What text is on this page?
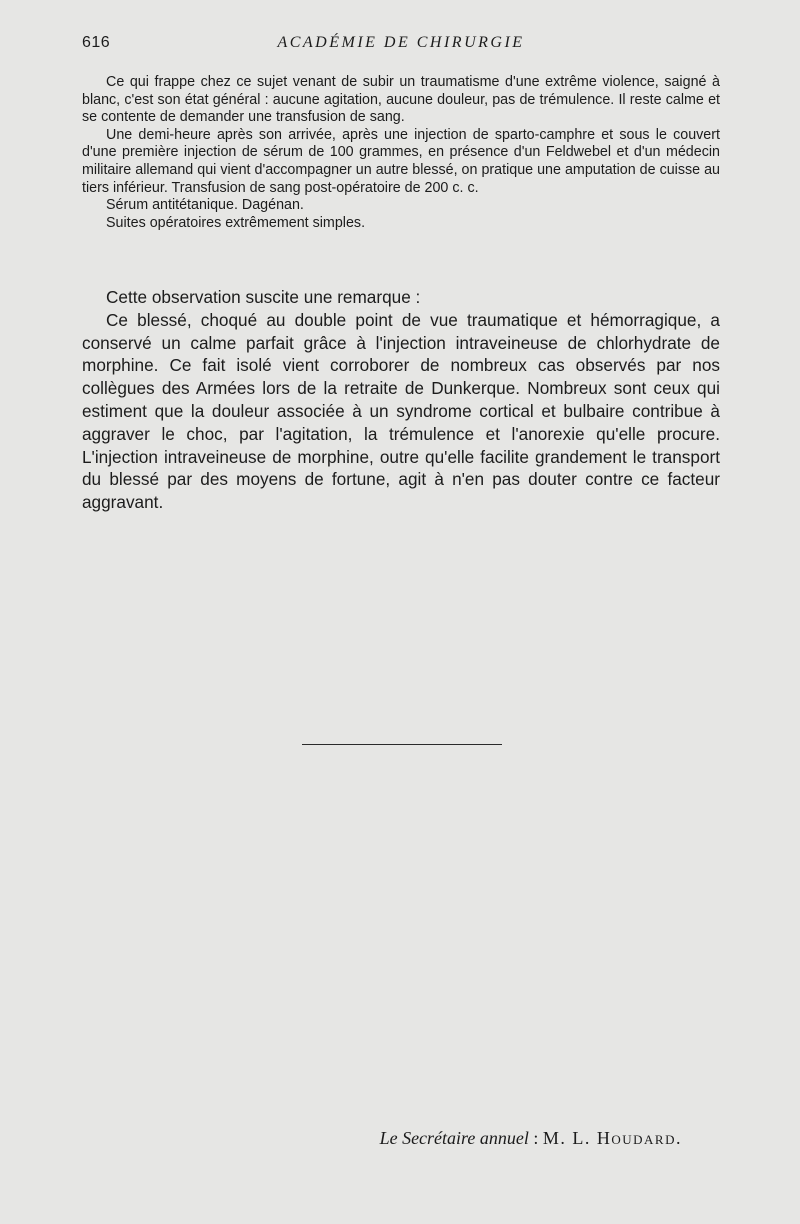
616	ACADÉMIE DE CHIRURGIE

Ce qui frappe chez ce sujet venant de subir un traumatisme d'une extrême violence, saigné à blanc, c'est son état général : aucune agitation, aucune douleur, pas de trémulence. Il reste calme et se contente de demander une transfusion de sang.

Une demi-heure après son arrivée, après une injection de sparto-camphre et sous le couvert d'une première injection de sérum de 100 grammes, en présence d'un Feldwebel et d'un médecin militaire allemand qui vient d'accompagner un autre blessé, on pratique une amputation de cuisse au tiers inférieur. Transfusion de sang post-opératoire de 200 c. c.

Sérum antitétanique. Dagénan.

Suites opératoires extrêmement simples.

Cette observation suscite une remarque :

Ce blessé, choqué au double point de vue traumatique et hémorragique, a conservé un calme parfait grâce à l'injection intraveineuse de chlorhydrate de morphine. Ce fait isolé vient corroborer de nombreux cas observés par nos collègues des Armées lors de la retraite de Dunkerque. Nombreux sont ceux qui estiment que la douleur associée à un syndrome cortical et bulbaire contribue à aggraver le choc, par l'agitation, la trémulence et l'anorexie qu'elle procure. L'injection intraveineuse de morphine, outre qu'elle facilite grandement le transport du blessé par des moyens de fortune, agit à n'en pas douter contre ce facteur aggravant.

Le Secrétaire annuel : M. L. Houdard.
